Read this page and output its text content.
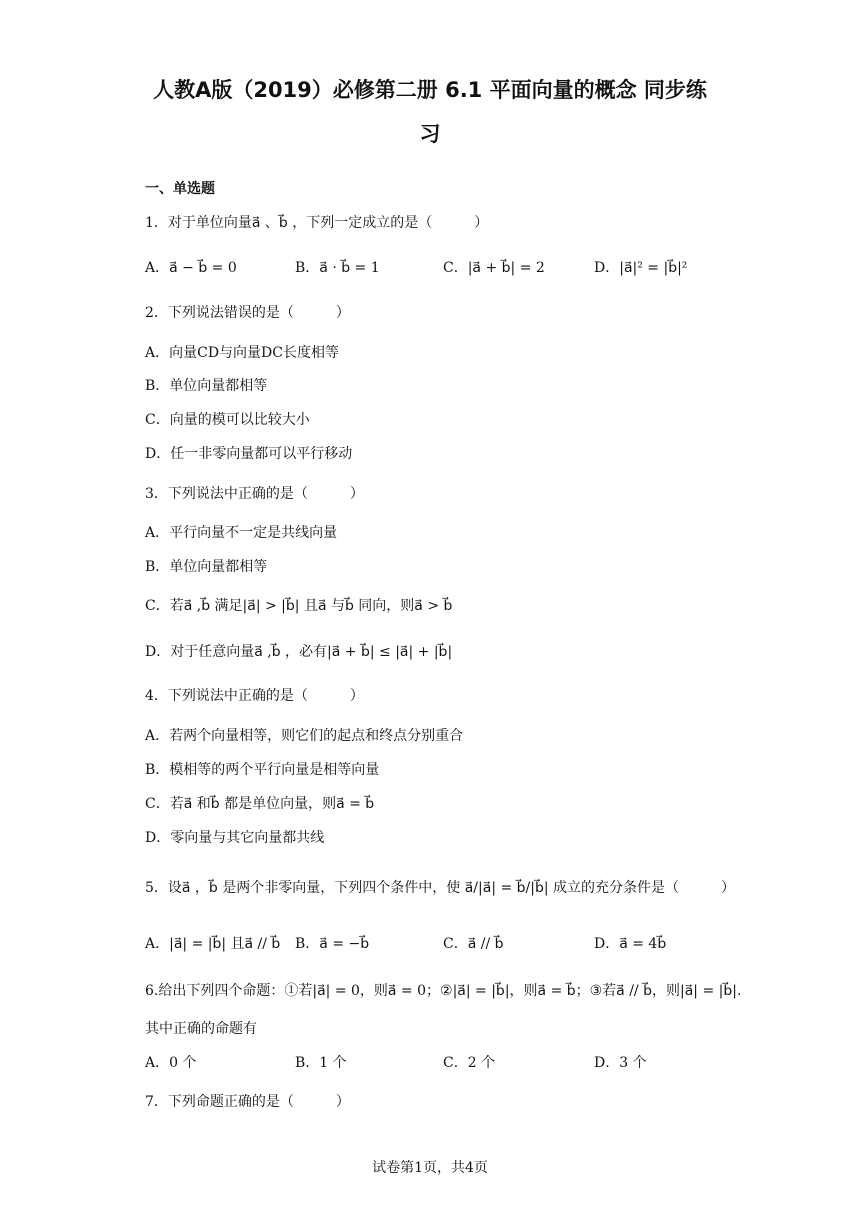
人教A版（2019）必修第二册 6.1 平面向量的概念 同步练
习
一、单选题
1．对于单位向量a⃗ 、b⃗ ，下列一定成立的是（　　　）
A．a⃗ − b⃗ = 0	B．a⃗ · b⃗ = 1	C．|a⃗ + b⃗| = 2	D．|a⃗|² = |b⃗|²
2．下列说法错误的是（　　　）
A．向量CD与向量DC长度相等
B．单位向量都相等
C．向量的模可以比较大小
D．任一非零向量都可以平行移动
3．下列说法中正确的是（　　　）
A．平行向量不一定是共线向量
B．单位向量都相等
C．若a⃗ ,b⃗ 满足|a⃗| > |b⃗| 且a⃗ 与b⃗ 同向，则a⃗ > b⃗
D．对于任意向量a⃗ ,b⃗ ，必有|a⃗ + b⃗| ≤ |a⃗| + |b⃗|
4．下列说法中正确的是（　　　）
A．若两个向量相等，则它们的起点和终点分别重合
B．模相等的两个平行向量是相等向量
C．若a⃗ 和b⃗ 都是单位向量，则a⃗ = b⃗
D．零向量与其它向量都共线
5．设a⃗ ，b⃗ 是两个非零向量，下列四个条件中，使 a⃗/|a⃗| = b⃗/|b⃗| 成立的充分条件是（　　　）
A．|a⃗| = |b⃗| 且a⃗ // b⃗ B．a⃗ = −b⃗	C．a⃗ // b⃗	D．a⃗ = 4b⃗
6.给出下列四个命题：①若|a⃗| = 0，则a⃗ = 0；②|a⃗| = |b⃗|，则a⃗ = b⃗；③若a⃗ // b⃗，则|a⃗| = |b⃗|.
其中正确的命题有
A．0 个	B．1 个	C．2 个	D．3 个
7．下列命题正确的是（　　　）
试卷第1页，共4页
